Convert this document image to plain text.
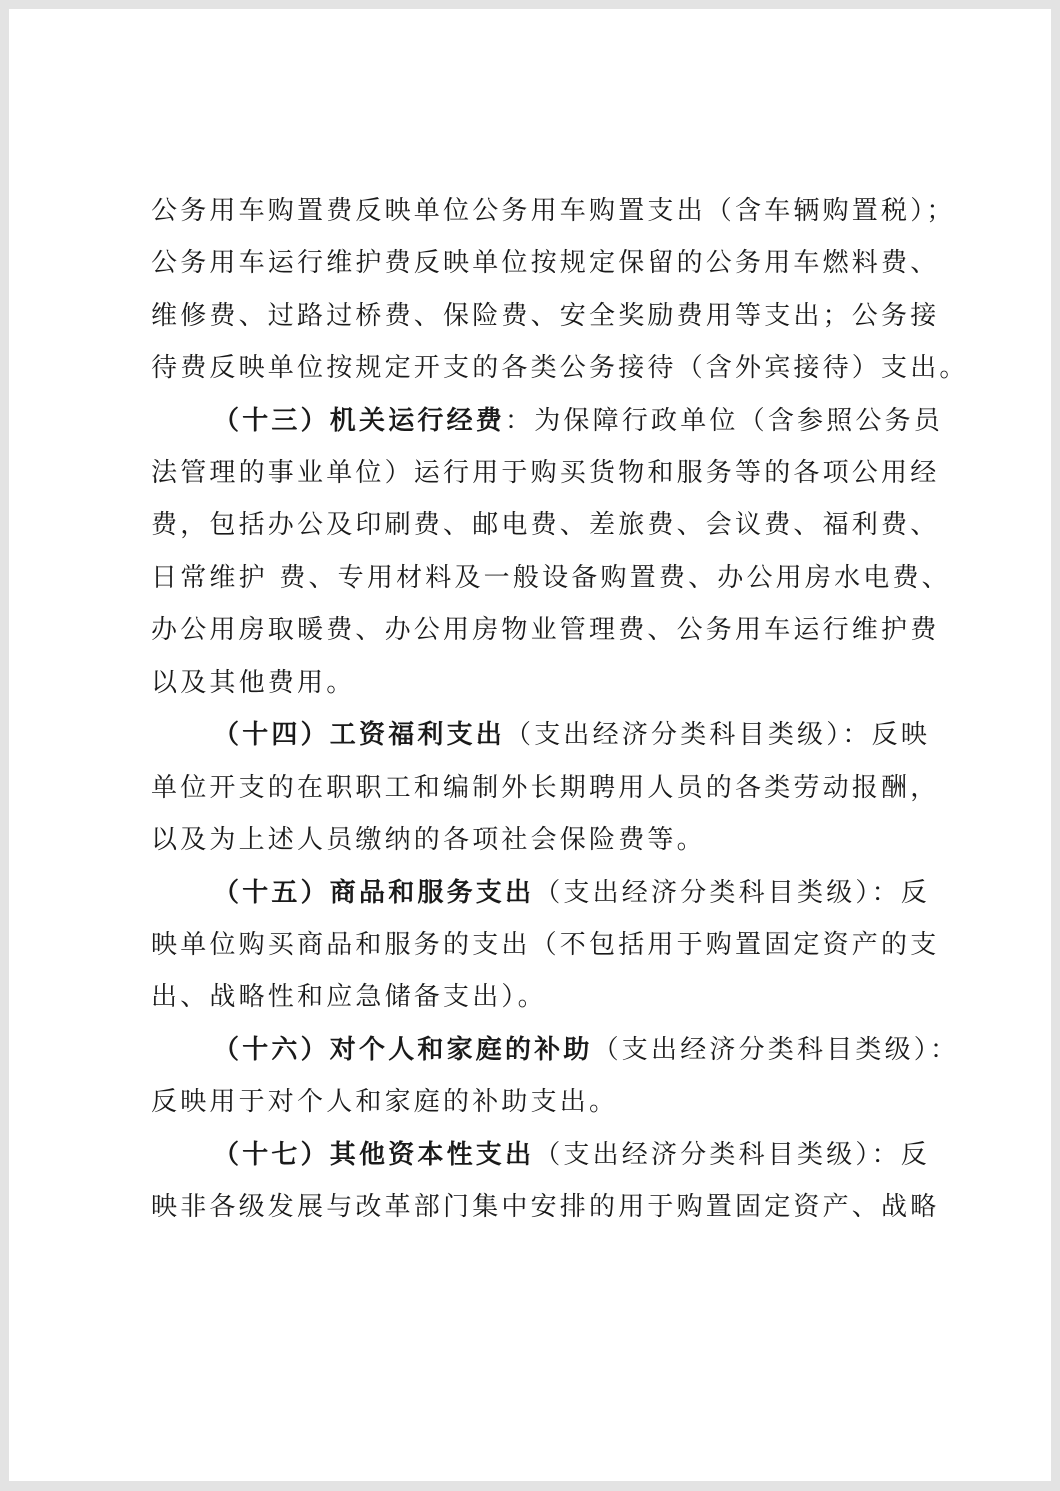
公务用车购置费反映单位公务用车购置支出（含车辆购置税）；
公务用车运行维护费反映单位按规定保留的公务用车燃料费、
维修费、过路过桥费、保险费、安全奖励费用等支出；公务接
待费反映单位按规定开支的各类公务接待（含外宾接待）支出。
（十三）机关运行经费：为保障行政单位（含参照公务员
法管理的事业单位）运行用于购买货物和服务等的各项公用经
费，包括办公及印刷费、邮电费、差旅费、会议费、福利费、
日常维护 费、专用材料及一般设备购置费、办公用房水电费、
办公用房取暖费、办公用房物业管理费、公务用车运行维护费
以及其他费用。
（十四）工资福利支出（支出经济分类科目类级）：反映
单位开支的在职职工和编制外长期聘用人员的各类劳动报酬，
以及为上述人员缴纳的各项社会保险费等。
（十五）商品和服务支出（支出经济分类科目类级）：反
映单位购买商品和服务的支出（不包括用于购置固定资产的支
出、战略性和应急储备支出）。
（十六）对个人和家庭的补助（支出经济分类科目类级）：
反映用于对个人和家庭的补助支出。
（十七）其他资本性支出（支出经济分类科目类级）：反
映非各级发展与改革部门集中安排的用于购置固定资产、战略
